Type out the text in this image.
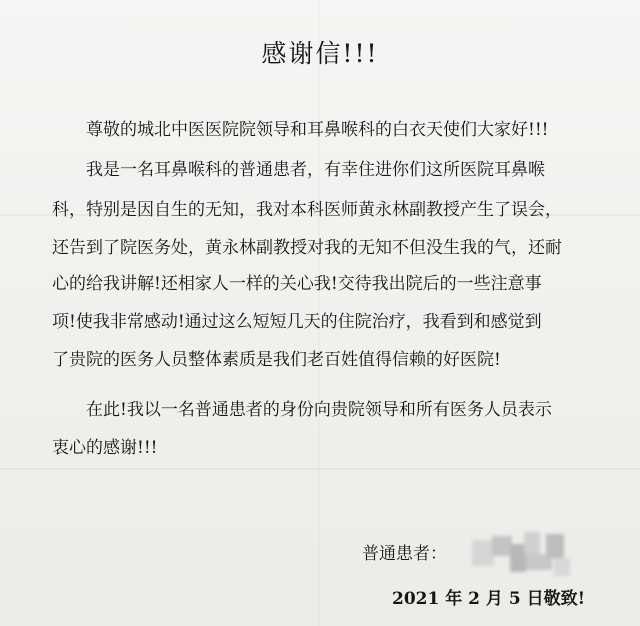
感谢信!!!
尊敬的城北中医医院院领导和耳鼻喉科的白衣天使们大家好!!!
我是一名耳鼻喉科的普通患者，有幸住进你们这所医院耳鼻喉
科，特别是因自生的无知，我对本科医师黄永林副教授产生了误会，
还告到了院医务处，黄永林副教授对我的无知不但没生我的气，还耐
心的给我讲解!还相家人一样的关心我!交待我出院后的一些注意事
项!使我非常感动!通过这么短短几天的住院治疗，我看到和感觉到
了贵院的医务人员整体素质是我们老百姓值得信赖的好医院!
在此!我以一名普通患者的身份向贵院领导和所有医务人员表示
衷心的感谢!!!
普通患者：
2021 年 2 月 5 日敬致!
